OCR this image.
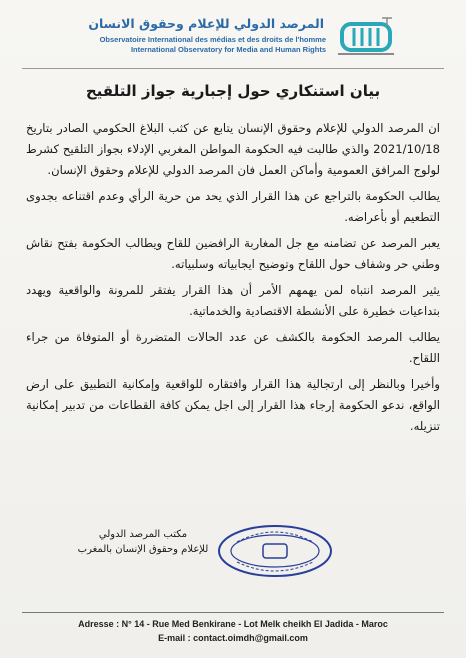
المرصد الدولي للإعلام وحقوق الانسان
Observatoire International des médias et des droits de l'homme
International Observatory for Media and Human Rights
بيان استنكاري حول إجبارية جواز التلقيح

ان المرصد الدولي للإعلام وحقوق الإنسان يتابع عن كثب البلاغ الحكومي الصادر بتاريخ 2021/10/18 والذي طالبت فيه الحكومة المواطن المغربي الإدلاء بجواز التلقيح كشرط لولوج المرافق العمومية وأماكن العمل فان المرصد الدولي للإعلام وحقوق الإنسان.

يطالب الحكومة بالتراجع عن هذا القرار الذي يحد من حرية الرأي وعدم اقتناعه بجدوى التطعيم أو بأعراضه.

يعبر المرصد عن تضامنه مع جل المغاربة الرافضين للقاح ويطالب الحكومة بفتح نقاش وطني حر وشفاف حول اللقاح وتوضيح ايجابياته وسلبياته.

يثير المرصد انتباه لمن يهمهم الأمر أن هذا القرار يفتقر للمرونة والواقعية ويهدد بتداعيات خطيرة على الأنشطة الاقتصادية والخدماتية.

يطالب المرصد الحكومة بالكشف عن عدد الحالات المتضررة أو المتوفاة من جراء اللقاح.

وأخيرا وبالنظر إلى ارتجالية هذا القرار وافتقاره للواقعية وإمكانية التطبيق على ارض الواقع، ندعو الحكومة إرجاء هذا القرار إلى اجل يمكن كافة القطاعات من تدبير إمكانية تنزيله.

مكتب المرصد الدولي
للإعلام وحقوق الإنسان بالمغرب
Adresse : N° 14 - Rue Med Benkirane - Lot Melk cheikh El Jadida - Maroc
E-mail : contact.oimdh@gmail.com
